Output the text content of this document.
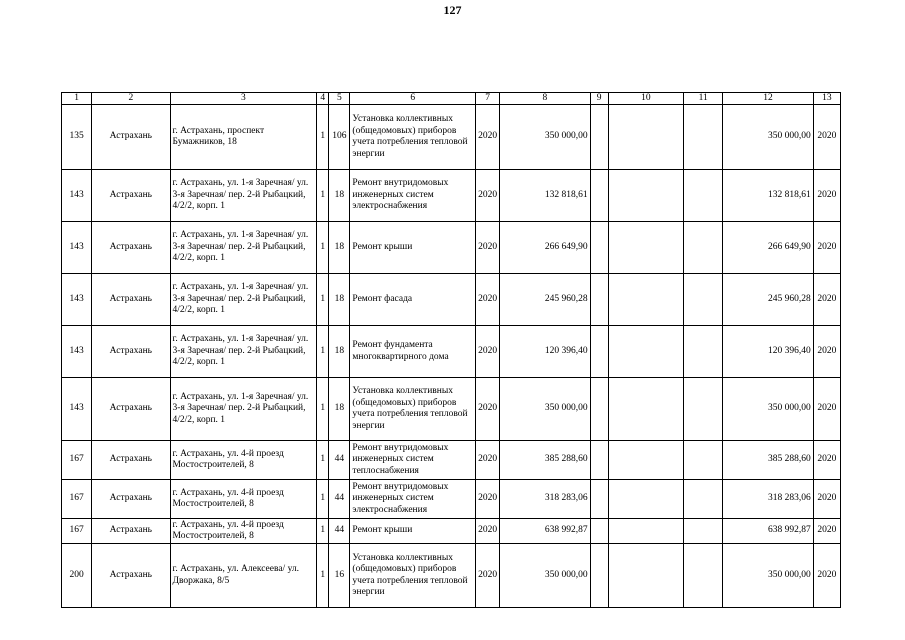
127
1	2	3	4	5	6	7	8	9	10	11	12	13
135	Астрахань	г. Астрахань, проспект Бумажников, 18	1	106	Установка коллективных (общедомовых) приборов учета потребления тепловой энергии	2020	350 000,00				350 000,00	2020
143	Астрахань	г. Астрахань, ул. 1-я Заречная/ ул. 3-я Заречная/ пер. 2-й Рыбацкий, 4/2/2, корп. 1	1	18	Ремонт внутридомовых инженерных систем электроснабжения	2020	132 818,61				132 818,61	2020
143	Астрахань	г. Астрахань, ул. 1-я Заречная/ ул. 3-я Заречная/ пер. 2-й Рыбацкий, 4/2/2, корп. 1	1	18	Ремонт крыши	2020	266 649,90				266 649,90	2020
143	Астрахань	г. Астрахань, ул. 1-я Заречная/ ул. 3-я Заречная/ пер. 2-й Рыбацкий, 4/2/2, корп. 1	1	18	Ремонт фасада	2020	245 960,28				245 960,28	2020
143	Астрахань	г. Астрахань, ул. 1-я Заречная/ ул. 3-я Заречная/ пер. 2-й Рыбацкий, 4/2/2, корп. 1	1	18	Ремонт фундамента многоквартирного дома	2020	120 396,40				120 396,40	2020
143	Астрахань	г. Астрахань, ул. 1-я Заречная/ ул. 3-я Заречная/ пер. 2-й Рыбацкий, 4/2/2, корп. 1	1	18	Установка коллективных (общедомовых) приборов учета потребления тепловой энергии	2020	350 000,00				350 000,00	2020
167	Астрахань	г. Астрахань, ул. 4-й проезд Мостостроителей, 8	1	44	Ремонт внутридомовых инженерных систем теплоснабжения	2020	385 288,60				385 288,60	2020
167	Астрахань	г. Астрахань, ул. 4-й проезд Мостостроителей, 8	1	44	Ремонт внутридомовых инженерных систем электроснабжения	2020	318 283,06				318 283,06	2020
167	Астрахань	г. Астрахань, ул. 4-й проезд Мостостроителей, 8	1	44	Ремонт крыши	2020	638 992,87				638 992,87	2020
200	Астрахань	г. Астрахань, ул. Алексеева/ ул. Дворжака, 8/5	1	16	Установка коллективных (общедомовых) приборов учета потребления тепловой энергии	2020	350 000,00				350 000,00	2020
